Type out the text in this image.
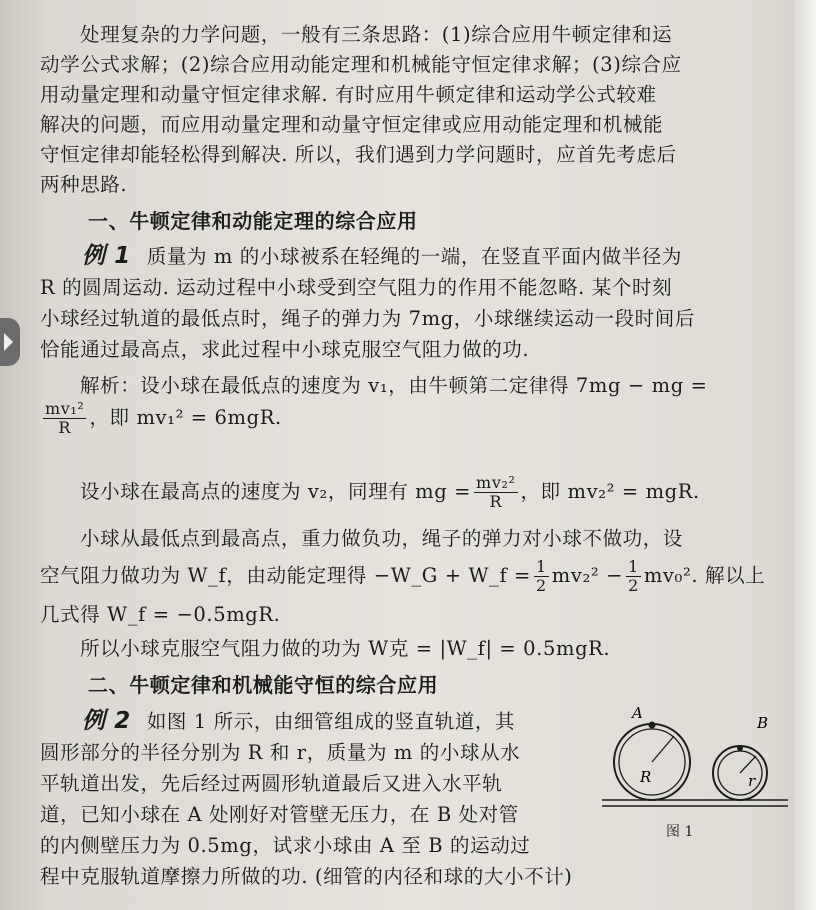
处理复杂的力学问题，一般有三条思路：(1)综合应用牛顿定律和运
动学公式求解；(2)综合应用动能定理和机械能守恒定律求解；(3)综合应
用动量定理和动量守恒定律求解. 有时应用牛顿定律和运动学公式较难
解决的问题，而应用动量定理和动量守恒定律或应用动能定理和机械能
守恒定律却能轻松得到解决. 所以，我们遇到力学问题时，应首先考虑后
两种思路.
一、牛顿定律和动能定理的综合应用
例 1 质量为 m 的小球被系在轻绳的一端，在竖直平面内做半径为
R 的圆周运动. 运动过程中小球受到空气阻力的作用不能忽略. 某个时刻
小球经过轨道的最低点时，绳子的弹力为 7mg，小球继续运动一段时间后
恰能通过最高点，求此过程中小球克服空气阻力做的功.
解析：设小球在最低点的速度为 v₁，由牛顿第二定律得 7mg − mg =
$\frac{\text{mv₁²}}{R}$ ，即 mv₁² = 6mgR.
设小球在最高点的速度为 v₂，同理有 mg = $\frac{\text{mv₂²}}{R}$ ，即 mv₂² = mgR.
小球从最低点到最高点，重力做负功，绳子的弹力对小球不做功，设
空气阻力做功为 W_f，由动能定理得 −W_G + W_f = $\frac{1}{2} mv_2^2 - \frac{1}{2} mv_0^2$. 解以上
几式得 W_f = −0.5mgR.
所以小球克服空气阻力做的功为 W克 = |W_f| = 0.5mgR.
二、牛顿定律和机械能守恒的综合应用
例 2 如图 1 所示，由细管组成的竖直轨道，其
圆形部分的半径分别为 R 和 r，质量为 m 的小球从水
平轨道出发，先后经过两圆形轨道最后又进入水平轨
道，已知小球在 A 处刚好对管壁无压力，在 B 处对管
的内侧壁压力为 0.5mg，试求小球由 A 至 B 的运动过
程中克服轨道摩擦力所做的功. (细管的内径和球的大小不计)
A
R
B
r
图 1
